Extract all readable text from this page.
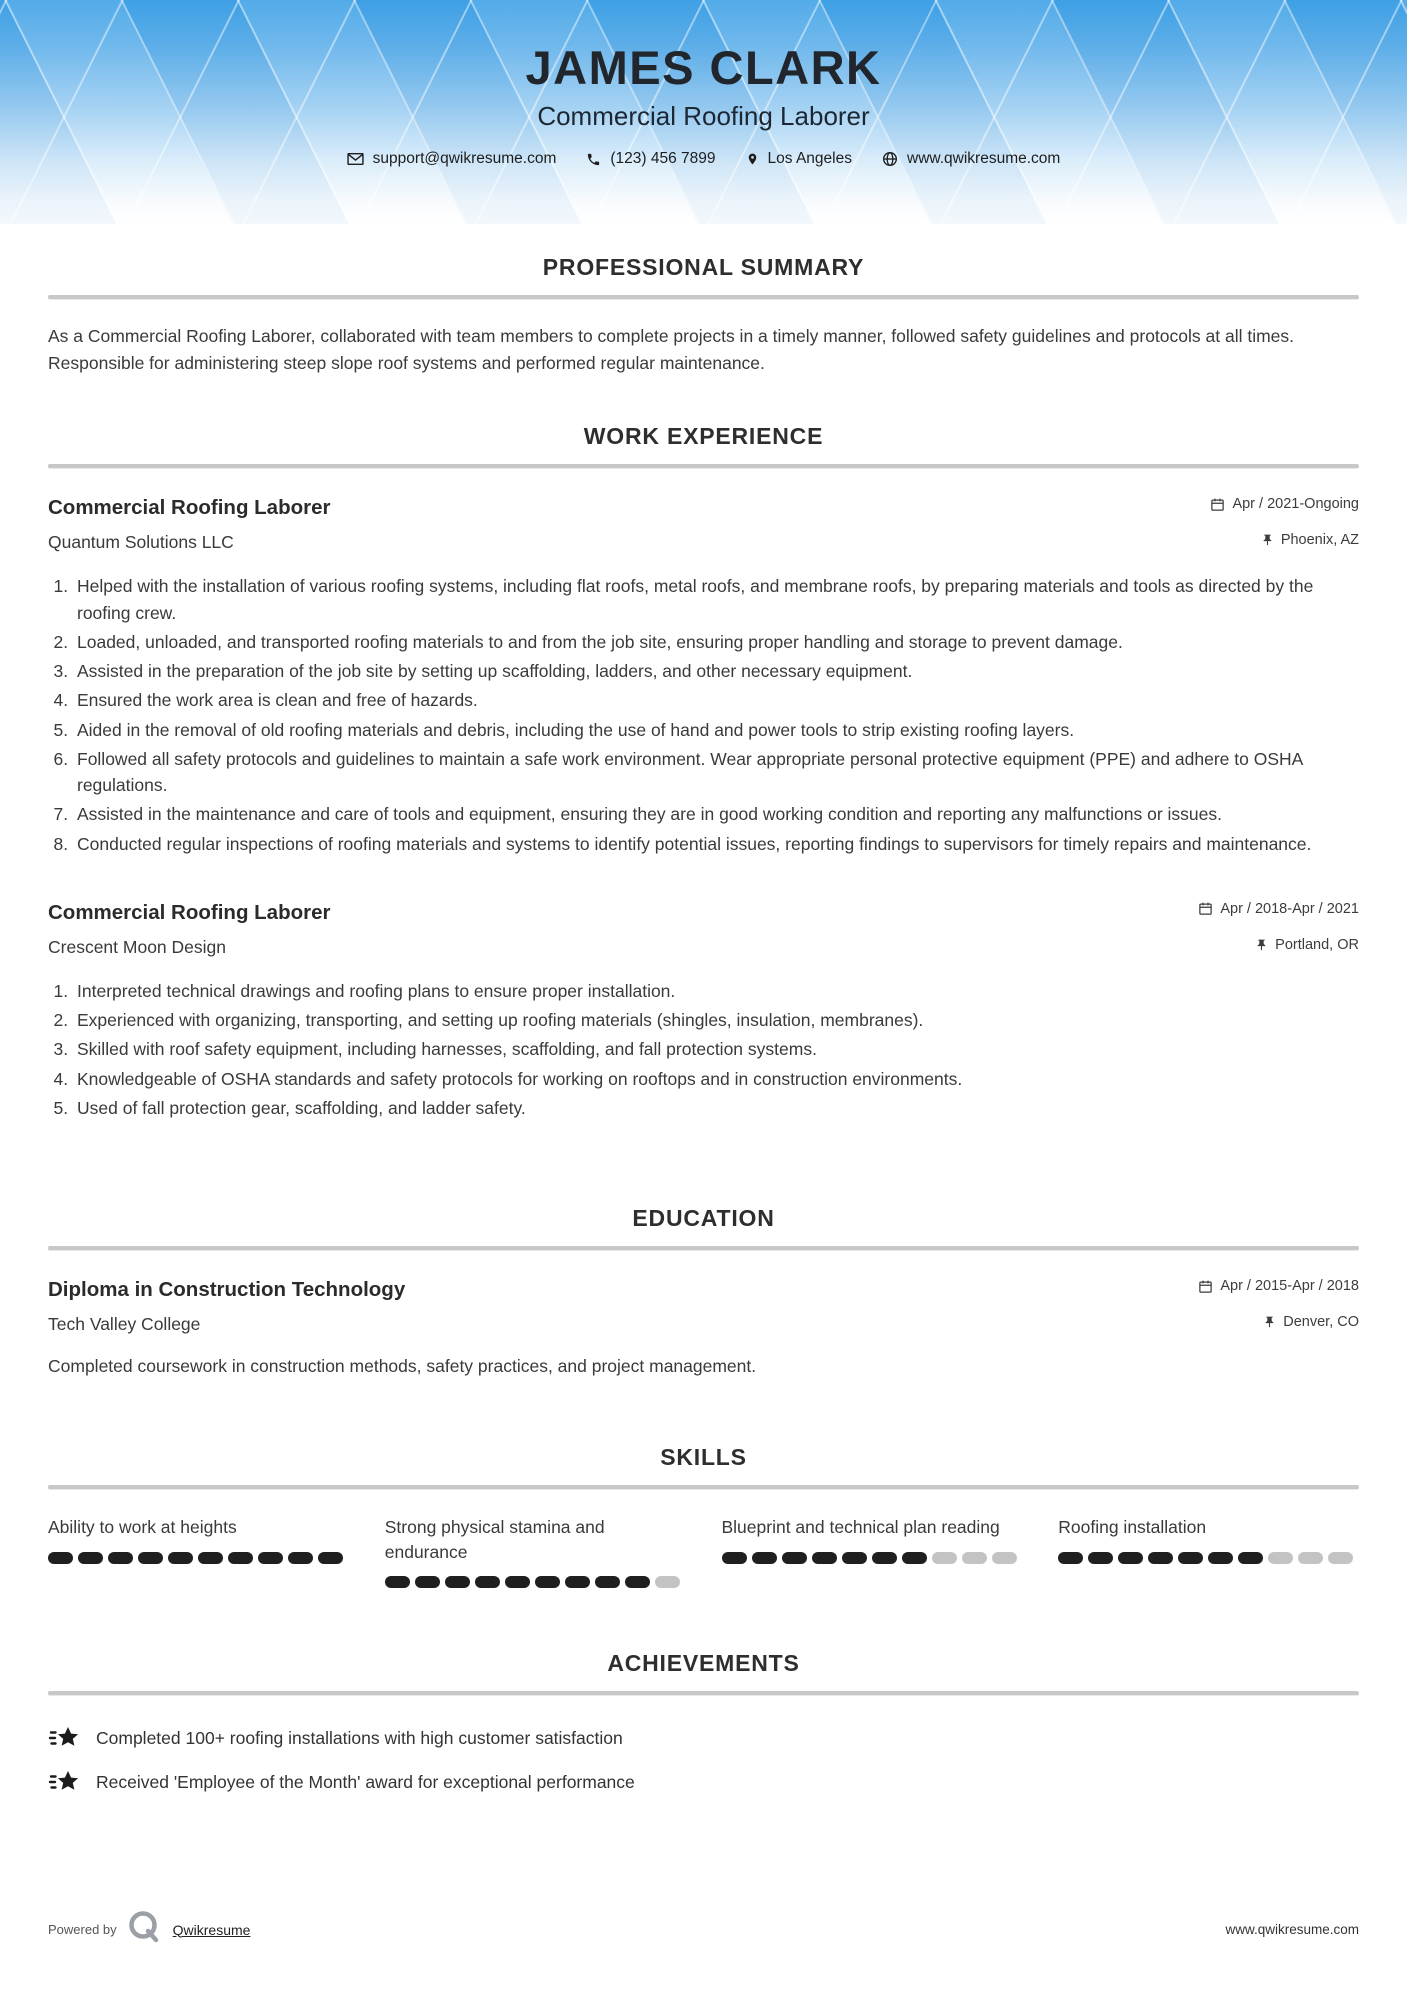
JAMES CLARK
Commercial Roofing Laborer
support@qwikresume.com	(123) 456 7899	Los Angeles	www.qwikresume.com
PROFESSIONAL SUMMARY

As a Commercial Roofing Laborer, collaborated with team members to complete projects in a timely manner, followed safety guidelines and protocols at all times. Responsible for administering steep slope roof systems and performed regular maintenance.

WORK EXPERIENCE
Commercial Roofing Laborer	Apr / 2021-Ongoing
Quantum Solutions LLC	Phoenix, AZ
1. Helped with the installation of various roofing systems, including flat roofs, metal roofs, and membrane roofs, by preparing materials and tools as directed by the roofing crew.
2. Loaded, unloaded, and transported roofing materials to and from the job site, ensuring proper handling and storage to prevent damage.
3. Assisted in the preparation of the job site by setting up scaffolding, ladders, and other necessary equipment.
4. Ensured the work area is clean and free of hazards.
5. Aided in the removal of old roofing materials and debris, including the use of hand and power tools to strip existing roofing layers.
6. Followed all safety protocols and guidelines to maintain a safe work environment. Wear appropriate personal protective equipment (PPE) and adhere to OSHA regulations.
7. Assisted in the maintenance and care of tools and equipment, ensuring they are in good working condition and reporting any malfunctions or issues.
8. Conducted regular inspections of roofing materials and systems to identify potential issues, reporting findings to supervisors for timely repairs and maintenance.
Commercial Roofing Laborer	Apr / 2018-Apr / 2021
Crescent Moon Design	Portland, OR
1. Interpreted technical drawings and roofing plans to ensure proper installation.
2. Experienced with organizing, transporting, and setting up roofing materials (shingles, insulation, membranes).
3. Skilled with roof safety equipment, including harnesses, scaffolding, and fall protection systems.
4. Knowledgeable of OSHA standards and safety protocols for working on rooftops and in construction environments.
5. Used of fall protection gear, scaffolding, and ladder safety.
EDUCATION
Diploma in Construction Technology	Apr / 2015-Apr / 2018
Tech Valley College	Denver, CO

Completed coursework in construction methods, safety practices, and project management.

SKILLS
Ability to work at heights	Strong physical stamina and endurance
Blueprint and technical plan reading	Roofing installation
ACHIEVEMENTS
Completed 100+ roofing installations with high customer satisfaction
Received 'Employee of the Month' award for exceptional performance
Powered by	Qwikresume	www.qwikresume.com
